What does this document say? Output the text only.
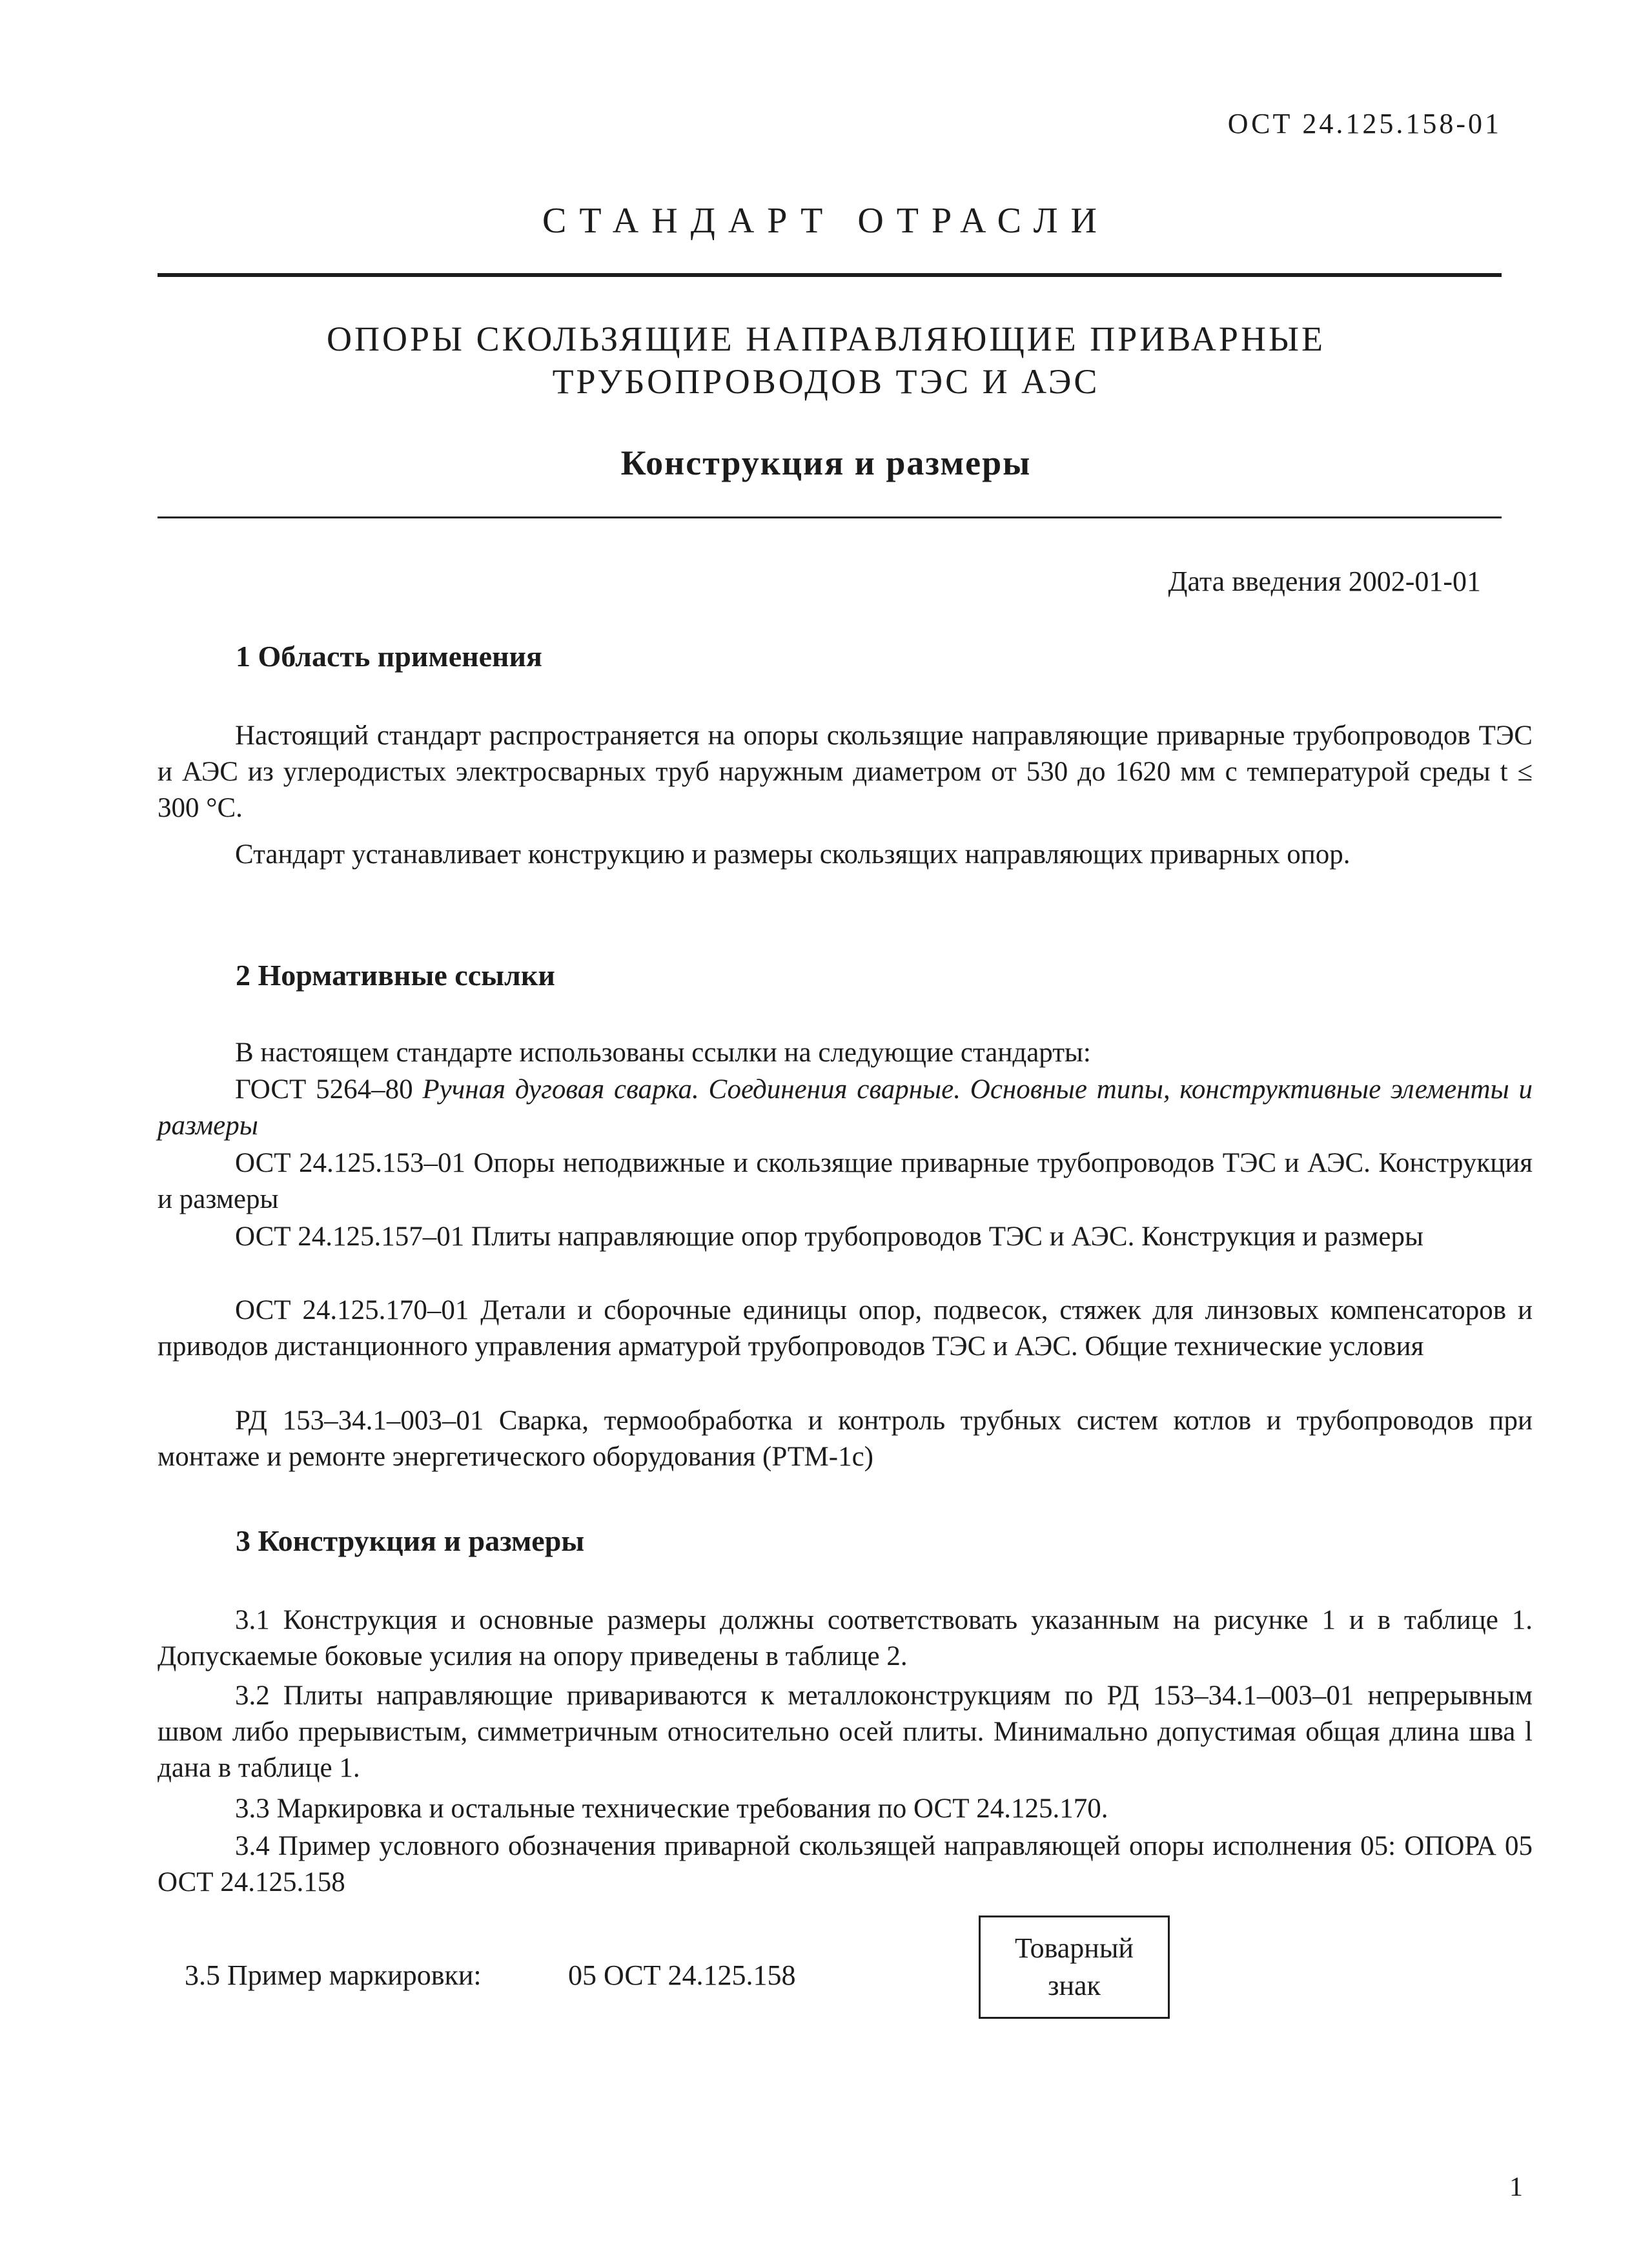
ОСТ 24.125.158-01
СТАНДАРТ ОТРАСЛИ
ОПОРЫ СКОЛЬЗЯЩИЕ НАПРАВЛЯЮЩИЕ ПРИВАРНЫЕ
ТРУБОПРОВОДОВ ТЭС И АЭС
Конструкция и размеры
Дата введения 2002-01-01
1 Область применения
Настоящий стандарт распространяется на опоры скользящие направляющие приварные трубопроводов ТЭС и АЭС из углеродистых электросварных труб наружным диаметром от 530 до 1620 мм с температурой среды t ≤ 300 °С.
Стандарт устанавливает конструкцию и размеры скользящих направляющих приварных опор.
2 Нормативные ссылки
В настоящем стандарте использованы ссылки на следующие стандарты:
ГОСТ 5264–80 Ручная дуговая сварка. Соединения сварные. Основные типы, конструктивные элементы и размеры
ОСТ 24.125.153–01 Опоры неподвижные и скользящие приварные трубопроводов ТЭС и АЭС. Конструкция и размеры
ОСТ 24.125.157–01 Плиты направляющие опор трубопроводов ТЭС и АЭС. Конструкция и размеры
ОСТ 24.125.170–01 Детали и сборочные единицы опор, подвесок, стяжек для линзовых компенсаторов и приводов дистанционного управления арматурой трубопроводов ТЭС и АЭС. Общие технические условия
РД 153–34.1–003–01 Сварка, термообработка и контроль трубных систем котлов и трубопроводов при монтаже и ремонте энергетического оборудования (РТМ-1с)
3 Конструкция и размеры
3.1 Конструкция и основные размеры должны соответствовать указанным на рисунке 1 и в таблице 1. Допускаемые боковые усилия на опору приведены в таблице 2.
3.2 Плиты направляющие привариваются к металлоконструкциям по РД 153–34.1–003–01 непрерывным швом либо прерывистым, симметричным относительно осей плиты. Минимально допустимая общая длина шва l дана в таблице 1.
3.3 Маркировка и остальные технические требования по ОСТ 24.125.170.
3.4 Пример условного обозначения приварной скользящей направляющей опоры исполнения 05: ОПОРА 05 ОСТ 24.125.158
3.5 Пример маркировки:	05 ОСТ 24.125.158
Товарный
знак
1
